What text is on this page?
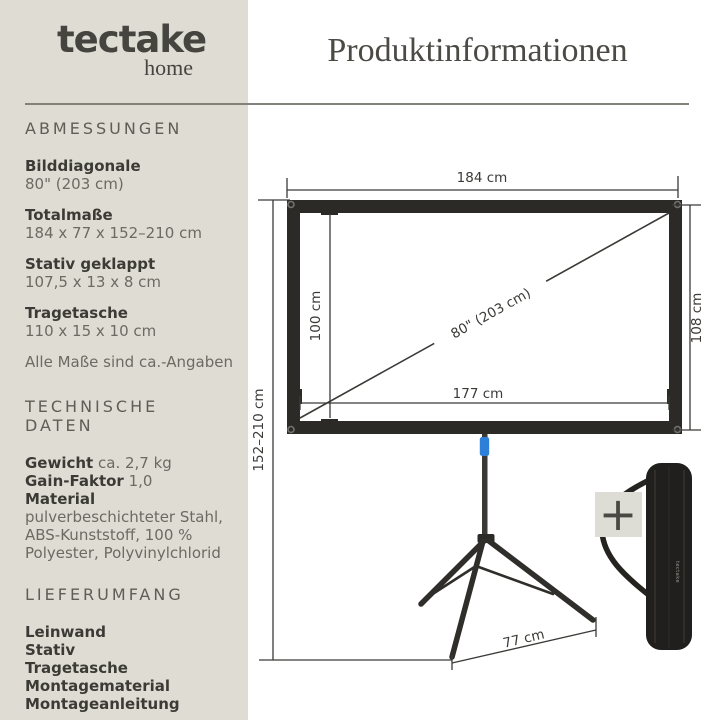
tectake
home
ABMESSUNGEN
Bilddiagonale
80" (203 cm)
Totalmaße
184 x 77 x 152–210 cm
Stativ geklappt
107,5 x 13 x 8 cm
Tragetasche
110 x 15 x 10 cm

Alle Maße sind ca.-Angaben

TECHNISCHE DATEN

Gewicht ca. 2,7 kg

Gain-Faktor 1,0

Material pulverbeschichteter Stahl, ABS-Kunststoff, 100 % Polyester, Polyvinylchlorid

LIEFERUMFANG
Leinwand
Stativ
Tragetasche
Montagematerial
Montageanleitung
Produktinformationen
80" (203 cm)
184 cm
152–210 cm
108 cm
100 cm
177 cm
77 cm
+
tectake
